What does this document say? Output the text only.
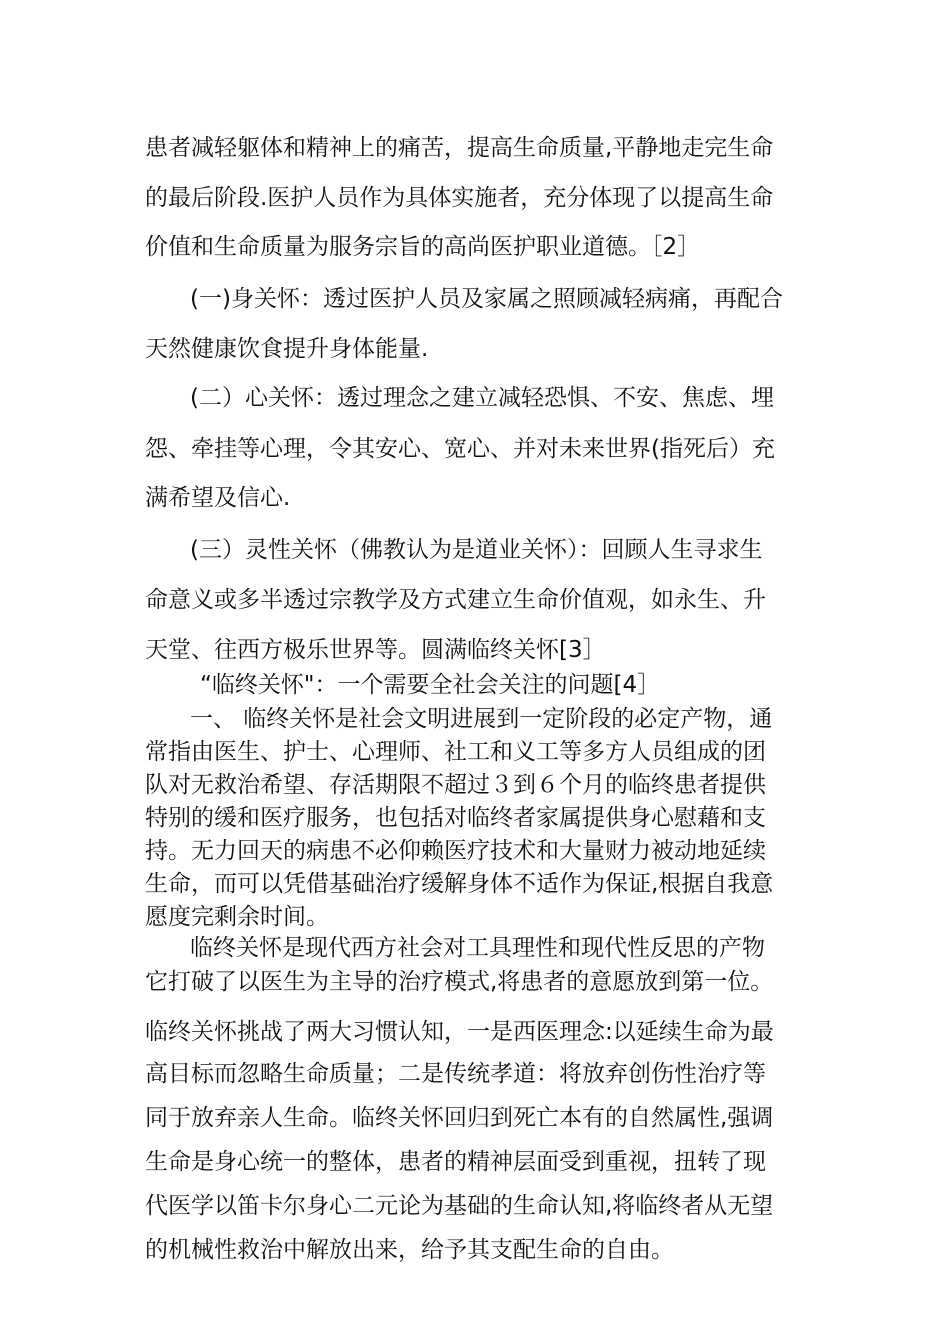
患者减轻躯体和精神上的痛苦，提高生命质量,平静地走完生命
的最后阶段.医护人员作为具体实施者，充分体现了以提高生命
价值和生命质量为服务宗旨的高尚医护职业道德。［2］
(一)身关怀：透过医护人员及家属之照顾减轻病痛，再配合
天然健康饮食提升身体能量.
(二）心关怀：透过理念之建立减轻恐惧、不安、焦虑、埋
怨、牵挂等心理，令其安心、宽心、并对未来世界(指死后）充
满希望及信心.
(三）灵性关怀（佛教认为是道业关怀）：回顾人生寻求生
命意义或多半透过宗教学及方式建立生命价值观，如永生、升
天堂、往西方极乐世界等。圆满临终关怀[3］
“临终关怀"：一个需要全社会关注的问题[4］
一、 临终关怀是社会文明进展到一定阶段的必定产物，通
常指由医生、护士、心理师、社工和义工等多方人员组成的团
队对无救治希望、存活期限不超过３到６个月的临终患者提供
特别的缓和医疗服务，也包括对临终者家属提供身心慰藉和支
持。无力回天的病患不必仰赖医疗技术和大量财力被动地延续
生命，而可以凭借基础治疗缓解身体不适作为保证,根据自我意
愿度完剩余时间。
临终关怀是现代西方社会对工具理性和现代性反思的产物
它打破了以医生为主导的治疗模式,将患者的意愿放到第一位。
临终关怀挑战了两大习惯认知，一是西医理念:以延续生命为最
高目标而忽略生命质量；二是传统孝道：将放弃创伤性治疗等
同于放弃亲人生命。临终关怀回归到死亡本有的自然属性,强调
生命是身心统一的整体，患者的精神层面受到重视，扭转了现
代医学以笛卡尔身心二元论为基础的生命认知,将临终者从无望
的机械性救治中解放出来，给予其支配生命的自由。
